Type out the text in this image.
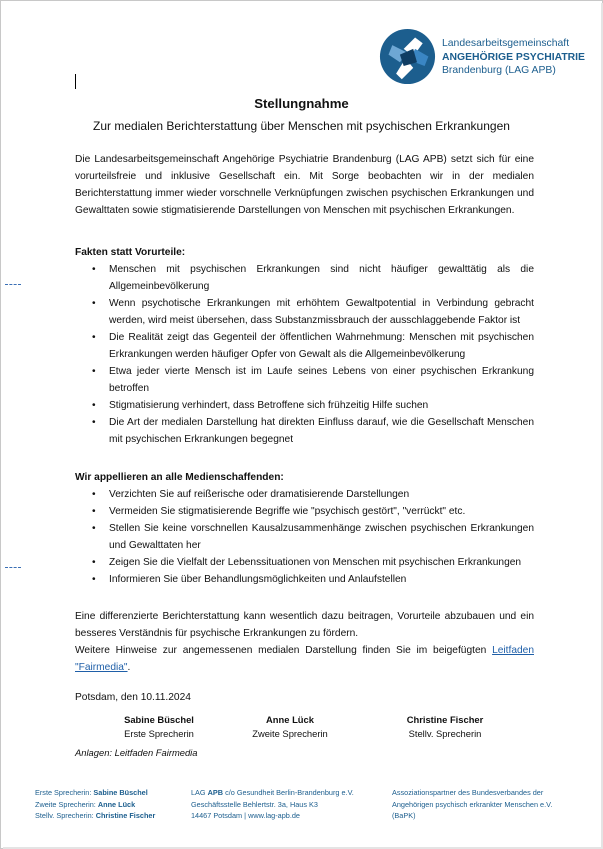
Landesarbeitsgemeinschaft
ANGEHÖRIGE PSYCHIATRIE
Brandenburg (LAG APB)
Stellungnahme
Zur medialen Berichterstattung über Menschen mit psychischen Erkrankungen
Die Landesarbeitsgemeinschaft Angehörige Psychiatrie Brandenburg (LAG APB) setzt sich für eine vorurteilsfreie und inklusive Gesellschaft ein. Mit Sorge beobachten wir in der medialen Berichterstattung immer wieder vorschnelle Verknüpfungen zwischen psychischen Erkrankungen und Gewalttaten sowie stigmatisierende Darstellungen von Menschen mit psychischen Erkrankungen.
Fakten statt Vorurteile:
• Menschen mit psychischen Erkrankungen sind nicht häufiger gewalttätig als die Allgemeinbevölkerung
• Wenn psychotische Erkrankungen mit erhöhtem Gewaltpotential in Verbindung gebracht werden, wird meist übersehen, dass Substanzmissbrauch der ausschlaggebende Faktor ist
• Die Realität zeigt das Gegenteil der öffentlichen Wahrnehmung: Menschen mit psychischen Erkrankungen werden häufiger Opfer von Gewalt als die Allgemeinbevölkerung
• Etwa jeder vierte Mensch ist im Laufe seines Lebens von einer psychischen Erkrankung betroffen
• Stigmatisierung verhindert, dass Betroffene sich frühzeitig Hilfe suchen
• Die Art der medialen Darstellung hat direkten Einfluss darauf, wie die Gesellschaft Menschen mit psychischen Erkrankungen begegnet
Wir appellieren an alle Medienschaffenden:
• Verzichten Sie auf reißerische oder dramatisierende Darstellungen
• Vermeiden Sie stigmatisierende Begriffe wie "psychisch gestört", "verrückt" etc.
• Stellen Sie keine vorschnellen Kausalzusammenhänge zwischen psychischen Erkrankungen und Gewalttaten her
• Zeigen Sie die Vielfalt der Lebenssituationen von Menschen mit psychischen Erkrankungen
• Informieren Sie über Behandlungsmöglichkeiten und Anlaufstellen
Eine differenzierte Berichterstattung kann wesentlich dazu beitragen, Vorurteile abzubauen und ein besseres Verständnis für psychische Erkrankungen zu fördern.
Weitere Hinweise zur angemessenen medialen Darstellung finden Sie im beigefügten Leitfaden "Fairmedia".
Potsdam, den 10.11.2024
Sabine Büschel
Erste Sprecherin
Anne Lück
Zweite Sprecherin
Christine Fischer
Stellv. Sprecherin
Anlagen: Leitfaden Fairmedia
Erste Sprecherin: Sabine Büschel
Zweite Sprecherin: Anne Lück
Stellv. Sprecherin: Christine Fischer
LAG APB c/o Gesundheit Berlin-Brandenburg e.V.
Geschäftsstelle Behlertstr. 3a, Haus K3
14467 Potsdam | www.lag-apb.de
Assoziationspartner des Bundesverbandes der
Angehörigen psychisch erkrankter Menschen e.V.
(BaPK)
